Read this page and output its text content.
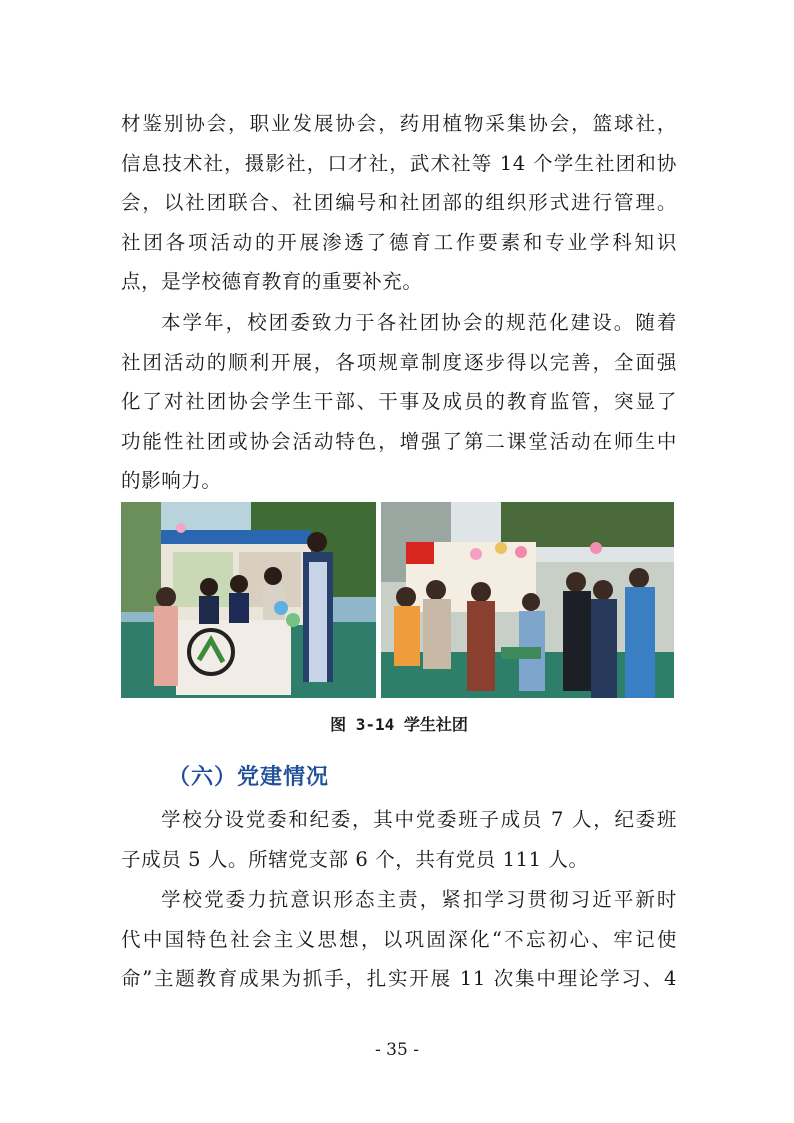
材鉴别协会，职业发展协会，药用植物采集协会，篮球社，
信息技术社，摄影社，口才社，武术社等 14 个学生社团和协
会，以社团联合、社团编号和社团部的组织形式进行管理。
社团各项活动的开展渗透了德育工作要素和专业学科知识
点，是学校德育教育的重要补充。
本学年，校团委致力于各社团协会的规范化建设。随着
社团活动的顺利开展，各项规章制度逐步得以完善，全面强
化了对社团协会学生干部、干事及成员的教育监管，突显了
功能性社团或协会活动特色，增强了第二课堂活动在师生中
的影响力。
图 3-14 学生社团
（六）党建情况
学校分设党委和纪委，其中党委班子成员 7 人，纪委班
子成员 5 人。所辖党支部 6 个，共有党员 111 人。
学校党委力抗意识形态主责，紧扣学习贯彻习近平新时
代中国特色社会主义思想，以巩固深化“不忘初心、牢记使
命”主题教育成果为抓手，扎实开展 11 次集中理论学习、4
- 35 -
